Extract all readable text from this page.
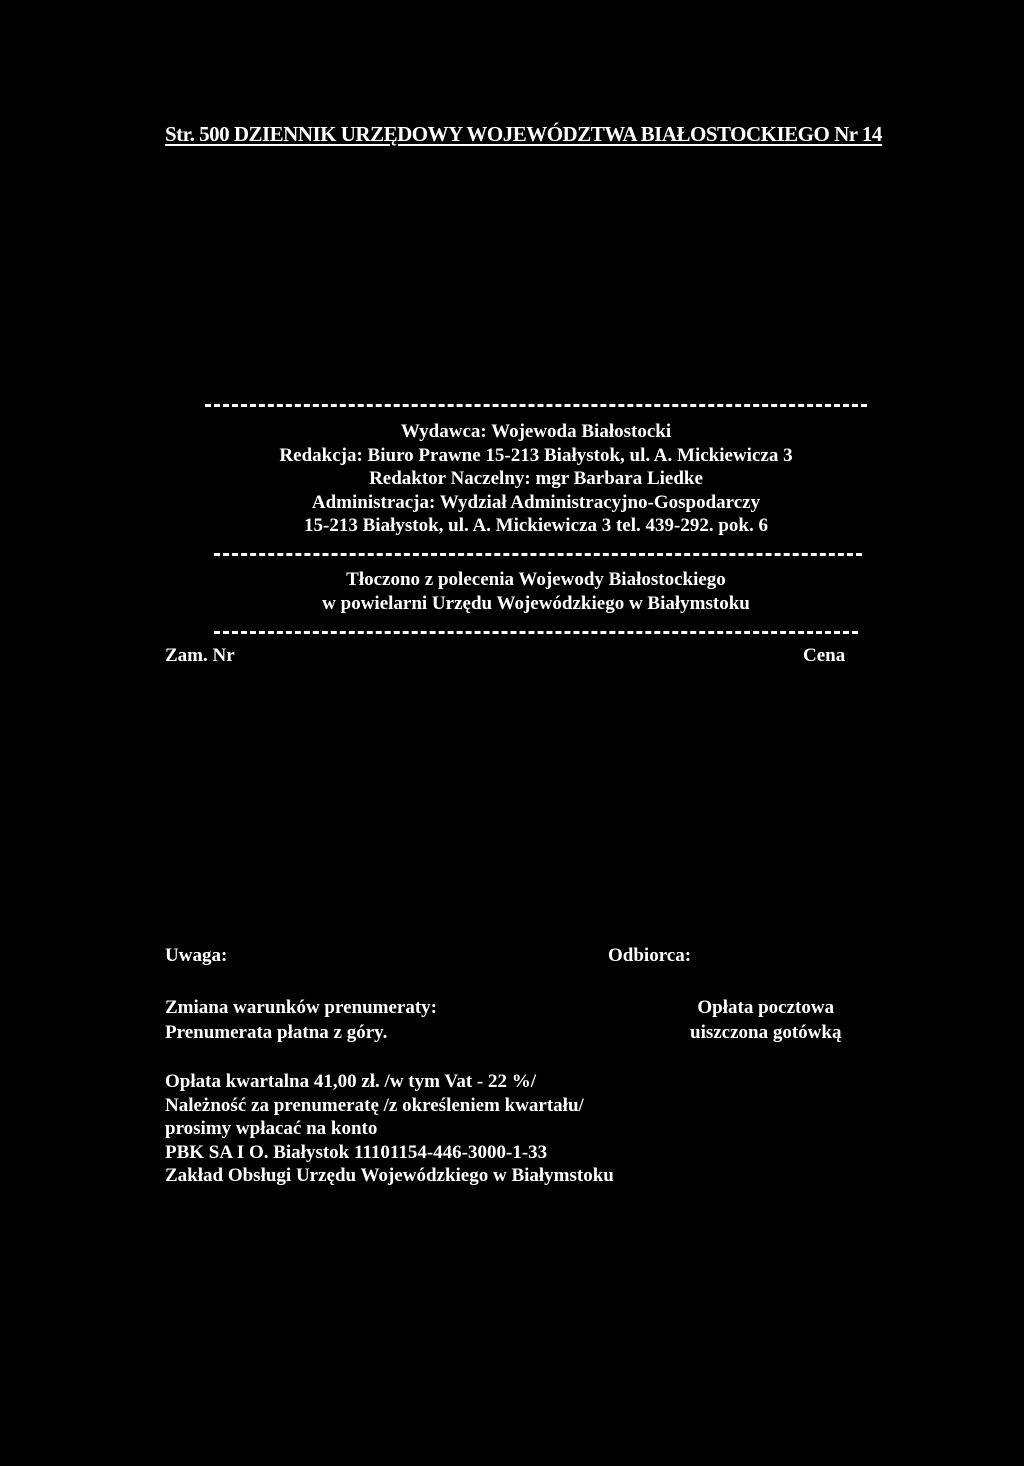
Str. 500 DZIENNIK URZĘDOWY WOJEWÓDZTWA BIAŁOSTOCKIEGO Nr 14
Wydawca: Wojewoda Białostocki
Redakcja: Biuro Prawne 15-213 Białystok, ul. A. Mickiewicza 3
Redaktor Naczelny: mgr Barbara Liedke
Administracja: Wydział Administracyjno-Gospodarczy
15-213 Białystok, ul. A. Mickiewicza 3 tel. 439-292. pok. 6
Tłoczono z polecenia Wojewody Białostockiego
w powielarni Urzędu Wojewódzkiego w Białymstoku
Zam. Nr	Cena
Uwaga:	Odbiorca:
Zmiana warunków prenumeraty:
Prenumerata płatna z góry.
Opłata pocztowa
uiszczona gotówką
Opłata kwartalna 41,00 zł. /w tym Vat - 22 %/
Należność za prenumeratę /z określeniem kwartału/
prosimy wpłacać na konto
PBK SA I O. Białystok 11101154-446-3000-1-33
Zakład Obsługi Urzędu Wojewódzkiego w Białymstoku
